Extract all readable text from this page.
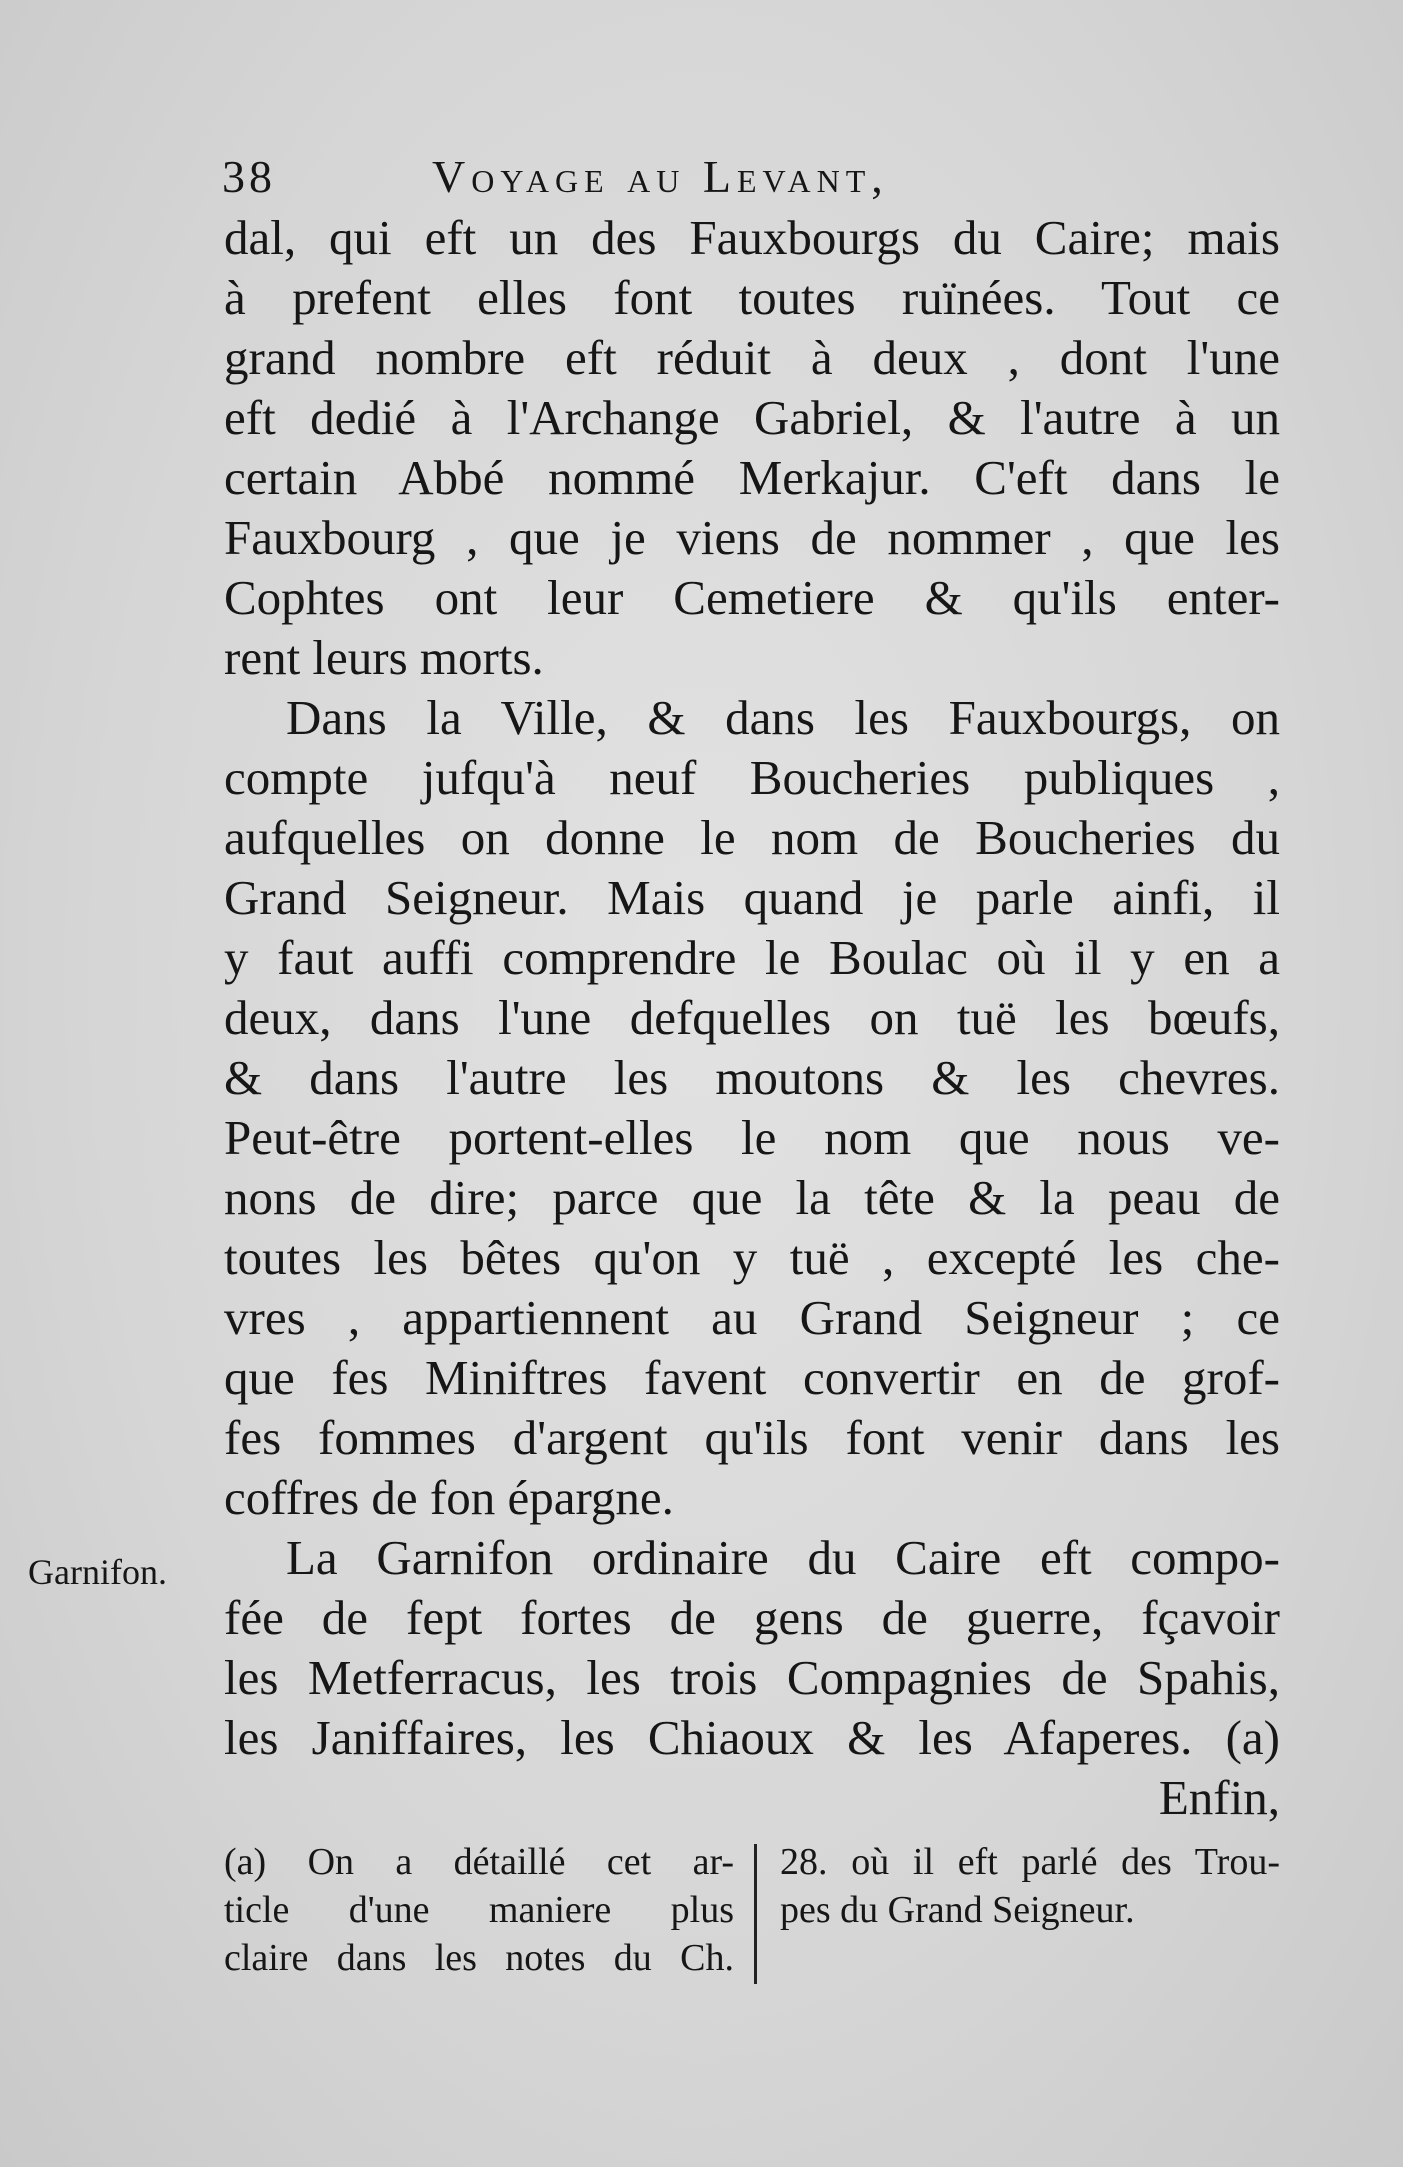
38	Voyage au Levant,
Garnifon.
dal, qui eft un des Fauxbourgs du Caire; mais
à prefent elles font toutes ruïnées. Tout ce
grand nombre eft réduit à deux , dont l'une
eft dedié à l'Archange Gabriel, & l'autre à un
certain Abbé nommé Merkajur. C'eft dans le
Fauxbourg , que je viens de nommer , que les
Cophtes ont leur Cemetiere & qu'ils enter-
rent leurs morts.
Dans la Ville, & dans les Fauxbourgs, on
compte jufqu'à neuf Boucheries publiques ,
aufquelles on donne le nom de Boucheries du
Grand Seigneur. Mais quand je parle ainfi, il
y faut auffi comprendre le Boulac où il y en a
deux, dans l'une defquelles on tuë les bœufs,
& dans l'autre les moutons & les chevres.
Peut-être portent-elles le nom que nous ve-
nons de dire; parce que la tête & la peau de
toutes les bêtes qu'on y tuë , excepté les che-
vres , appartiennent au Grand Seigneur ; ce
que fes Miniftres favent convertir en de grof-
fes fommes d'argent qu'ils font venir dans les
coffres de fon épargne.
La Garnifon ordinaire du Caire eft compo-
fée de fept fortes de gens de guerre, fçavoir
les Metferracus, les trois Compagnies de Spahis,
les Janiffaires, les Chiaoux & les Afaperes. (a)
Enfin,
(a) On a détaillé cet ar-
ticle d'une maniere plus
claire dans les notes du Ch.
28. où il eft parlé des Trou-
pes du Grand Seigneur.
